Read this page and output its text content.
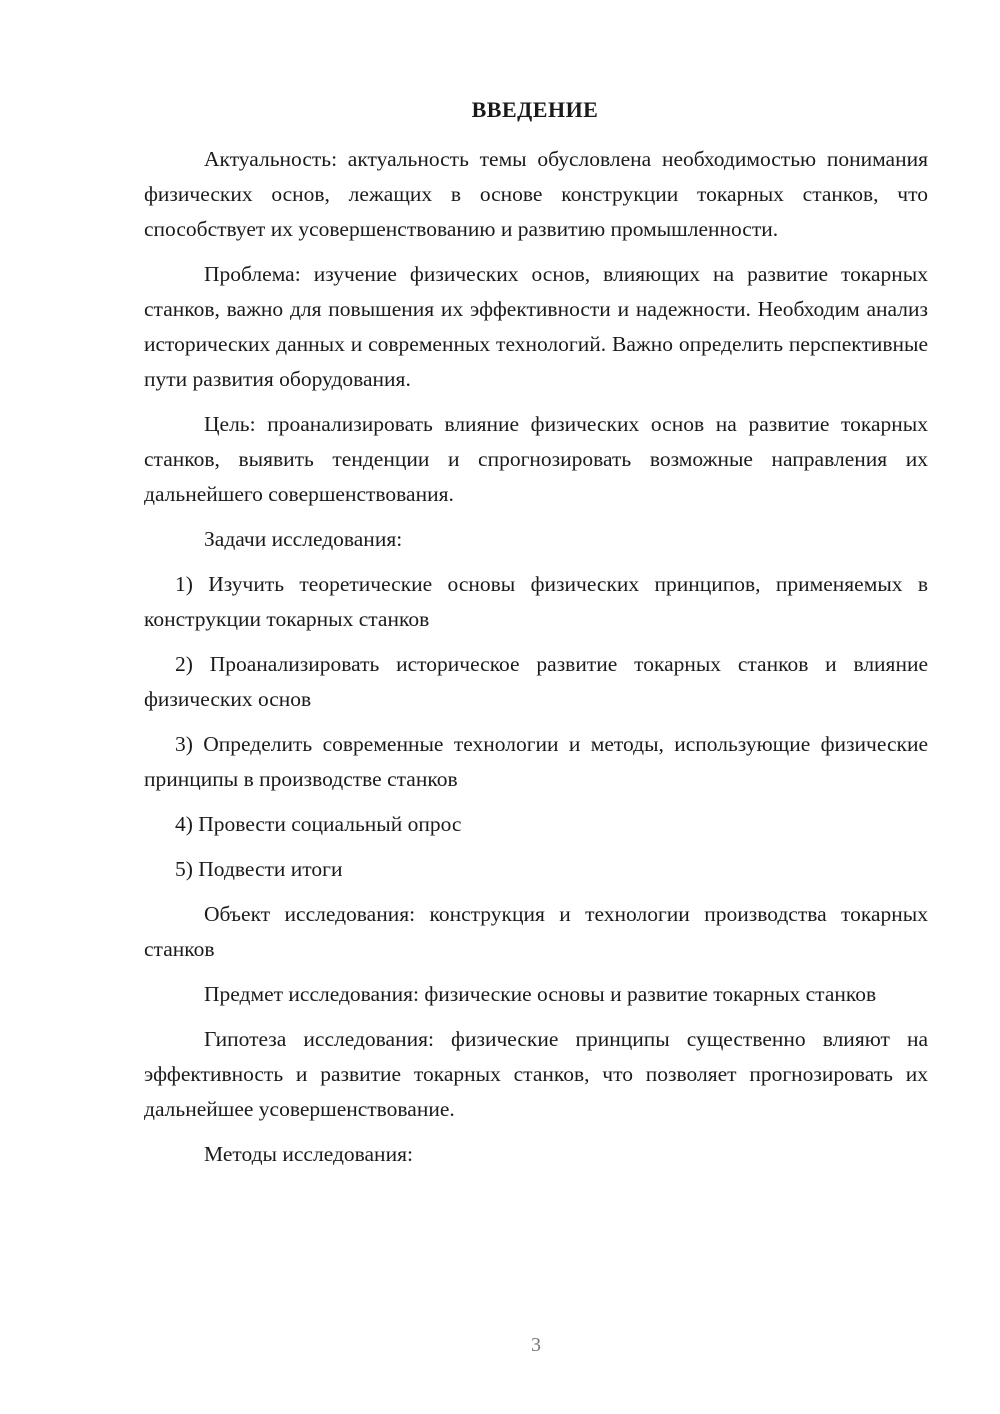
ВВЕДЕНИЕ

Актуальность: актуальность темы обусловлена необходимостью понимания физических основ, лежащих в основе конструкции токарных станков, что способствует их усовершенствованию и развитию промышленности.

Проблема: изучение физических основ, влияющих на развитие токарных станков, важно для повышения их эффективности и надежности. Необходим анализ исторических данных и современных технологий. Важно определить перспективные пути развития оборудования.

Цель: проанализировать влияние физических основ на развитие токарных станков, выявить тенденции и спрогнозировать возможные направления их дальнейшего совершенствования.

Задачи исследования:

1) Изучить теоретические основы физических принципов, применяемых в конструкции токарных станков

2) Проанализировать историческое развитие токарных станков и влияние физических основ

3) Определить современные технологии и методы, использующие физические принципы в производстве станков

4) Провести социальный опрос

5) Подвести итоги

Объект исследования: конструкция и технологии производства токарных станков

Предмет исследования: физические основы и развитие токарных станков

Гипотеза исследования: физические принципы существенно влияют на эффективность и развитие токарных станков, что позволяет прогнозировать их дальнейшее усовершенствование.

Методы исследования:

3
